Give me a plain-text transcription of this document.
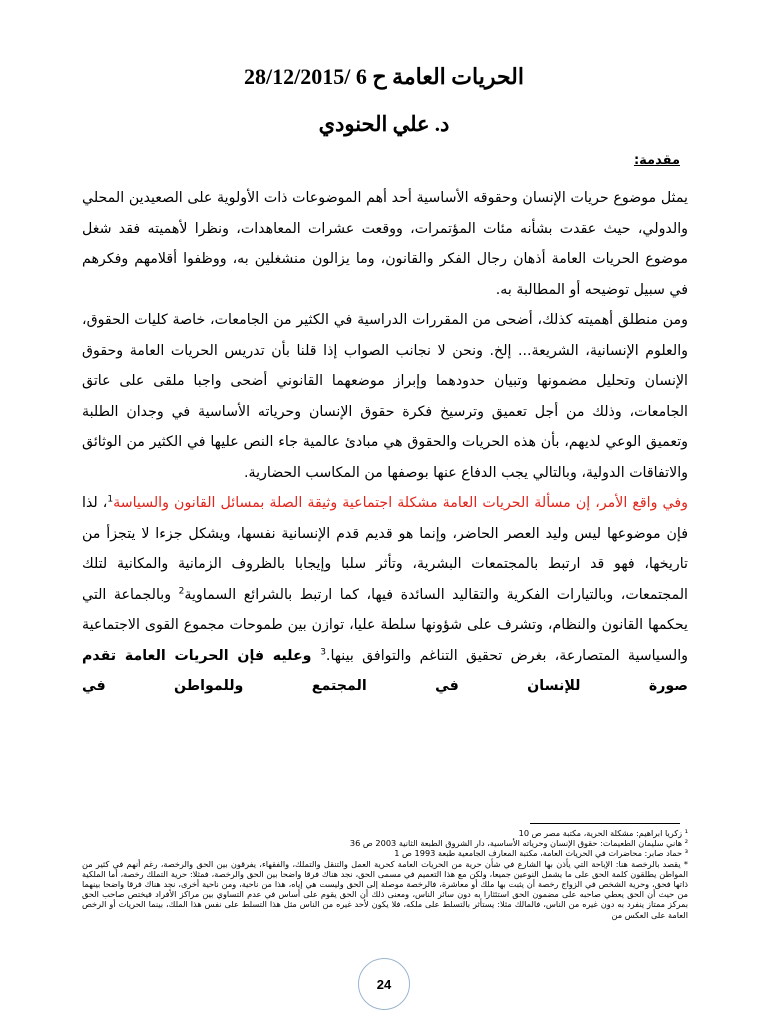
الحريات العامة ح 6 /28/12/2015
د. علي الحنودي
مقدمة:
يمثل موضوع حريات الإنسان وحقوقه الأساسية أحد أهم الموضوعات ذات الأولوية على الصعيدين المحلي والدولي، حيث عقدت بشأنه مئات المؤتمرات، ووقعت عشرات المعاهدات، ونظرا لأهميته فقد شغل موضوع الحريات العامة أذهان رجال الفكر والقانون، وما يزالون منشغلين به، ووظفوا أقلامهم وفكرهم في سبيل توضيحه أو المطالبة به.
ومن منطلق أهميته كذلك، أضحى من المقررات الدراسية في الكثير من الجامعات، خاصة كليات الحقوق، والعلوم الإنسانية، الشريعة... إلخ. ونحن لا نجانب الصواب إذا قلنا بأن تدريس الحريات العامة وحقوق الإنسان وتحليل مضمونها وتبيان حدودهما وإبراز موضعهما القانوني أضحى واجبا ملقى على عاتق الجامعات، وذلك من أجل تعميق وترسيخ فكرة حقوق الإنسان وحرياته الأساسية في وجدان الطلبة وتعميق الوعي لديهم، بأن هذه الحريات والحقوق هي مبادئ عالمية جاء النص عليها في الكثير من الوثائق والاتفاقات الدولية، وبالتالي يجب الدفاع عنها بوصفها من المكاسب الحضارية.
وفي واقع الأمر، إن مسألة الحريات العامة مشكلة اجتماعية وثيقة الصلة بمسائل القانون والسياسة$^1$، لذا فإن موضوعها ليس وليد العصر الحاضر، وإنما هو قديم قدم الإنسانية نفسها، ويشكل جزءا لا يتجزأ من تاريخها، فهو قد ارتبط بالمجتمعات البشرية، وتأثر سلبا وإيجابا بالظروف الزمانية والمكانية لتلك المجتمعات، وبالتيارات الفكرية والتقاليد السائدة فيها، كما ارتبط بالشرائع السماوية$^2$ وبالجماعة التي يحكمها القانون والنظام، وتشرف على شؤونها سلطة عليا، توازن بين طموحات مجموع القوى الاجتماعية والسياسية المتصارعة، بغرض تحقيق التناغم والتوافق بينها.$^3$ وعليه فإن الحريات العامة تقدم صورة للإنسان في المجتمع وللمواطن في
¹ زكريا ابراهيم: مشكلة الحرية، مكتبة مصر ص 10
² هاني سليمان الطعيمات: حقوق الإنسان وحرياته الأساسية، دار الشروق الطبعة الثانية 2003 ص 36
³ حماد صابر: محاضرات في الحريات العامة، مكتبة المعارف الجامعية طبعة 1993 ص 1
* يقصد بالرخصة هنا: الإباحة التي يأذن بها الشارع في شأن حرية من الحريات العامة كحرية العمل والتنقل والتملك، والفقهاء، يفرقون بين الحق والرخصة، رغم أنهم في كثير من المواطن يطلقون كلمة الحق على ما يشمل النوعين جميعا، ولكن مع هذا التعميم في مسمى الحق، نجد هناك فرقا واضحا بين الحق والرخصة، فمثلا: حرية التملك رخصة، أما الملكية ذاتها فحق، وحرية الشخص في الزواج رخصة أن يثبت بها ملك أو معاشرة، فالرخصة موصلة إلى الحق وليست هي إياه، هذا من ناحية، ومن ناحية أخرى، نجد هناك فرقا واضحا بينهما من حيث أن الحق يعطي صاحبه على مضمون الحق استئثارا به دون سائر الناس، ومعنى ذلك أن الحق يقوم على أساس في عدم التساوي بين مراكز الأفراد فيختص صاحب الحق بمركز ممتاز ينفرد به دون غيره من الناس، فالمالك مثلا: يستأثر بالتسلط على ملكه، فلا يكون لأحد غيره من الناس مثل هذا التسلط على نفس هذا الملك، بينما الحريات أو الرخص العامة على العكس من
24
